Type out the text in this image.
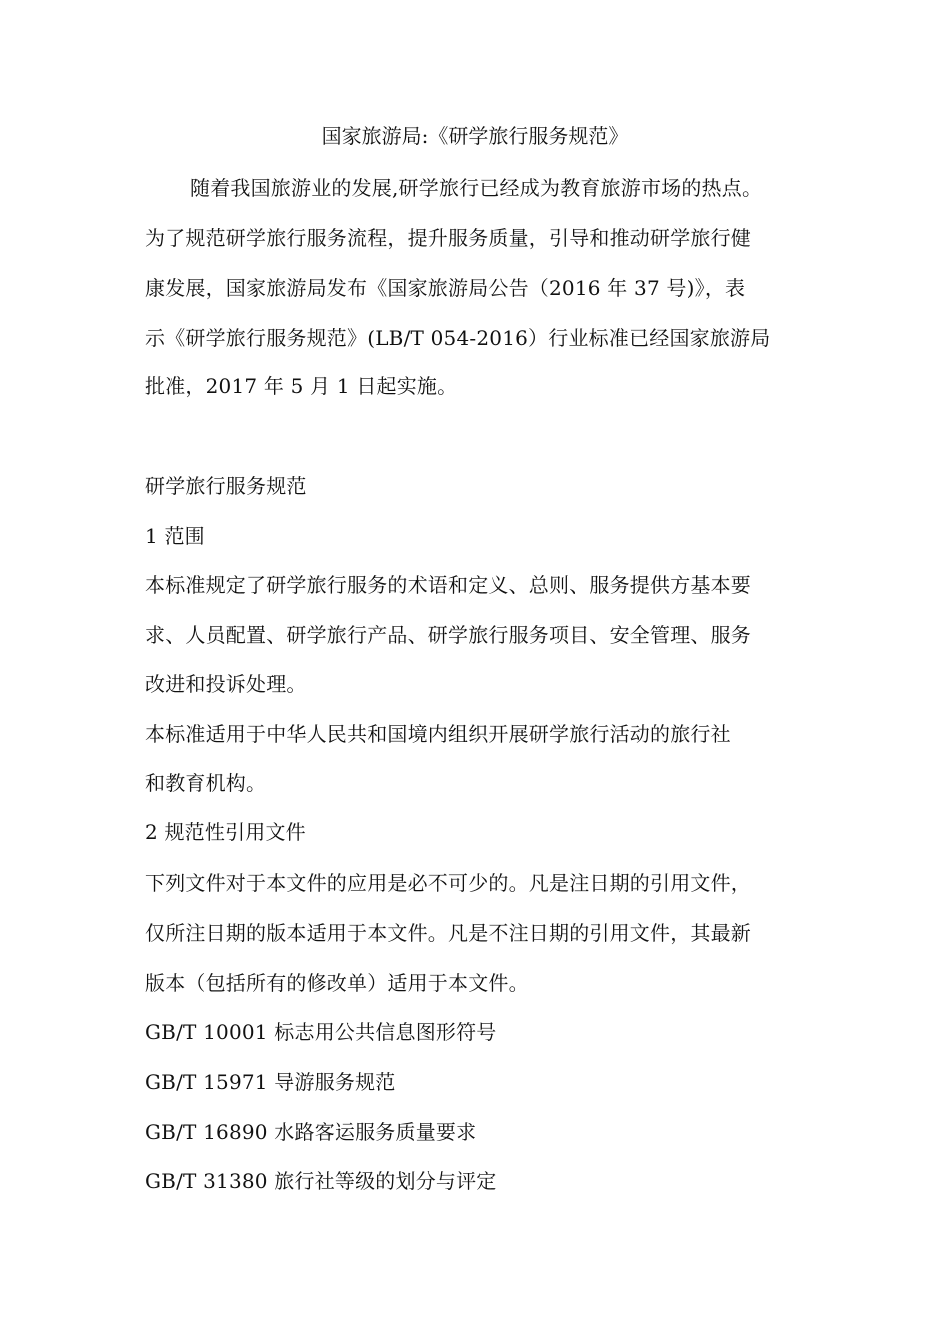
国家旅游局:《研学旅行服务规范》
随着我国旅游业的发展,研学旅行已经成为教育旅游市场的热点。
为了规范研学旅行服务流程，提升服务质量，引导和推动研学旅行健
康发展，国家旅游局发布《国家旅游局公告（2016 年 37 号)》，表
示《研学旅行服务规范》(LB/T 054-2016）行业标准已经国家旅游局
批准，2017 年 5 月 1 日起实施。
研学旅行服务规范
1 范围
本标准规定了研学旅行服务的术语和定义、总则、服务提供方基本要
求、人员配置、研学旅行产品、研学旅行服务项目、安全管理、服务
改进和投诉处理。
本标准适用于中华人民共和国境内组织开展研学旅行活动的旅行社
和教育机构。
2 规范性引用文件
下列文件对于本文件的应用是必不可少的。凡是注日期的引用文件，
仅所注日期的版本适用于本文件。凡是不注日期的引用文件，其最新
版本（包括所有的修改单）适用于本文件。
GB/T 10001 标志用公共信息图形符号
GB/T 15971 导游服务规范
GB/T 16890 水路客运服务质量要求
GB/T 31380 旅行社等级的划分与评定
